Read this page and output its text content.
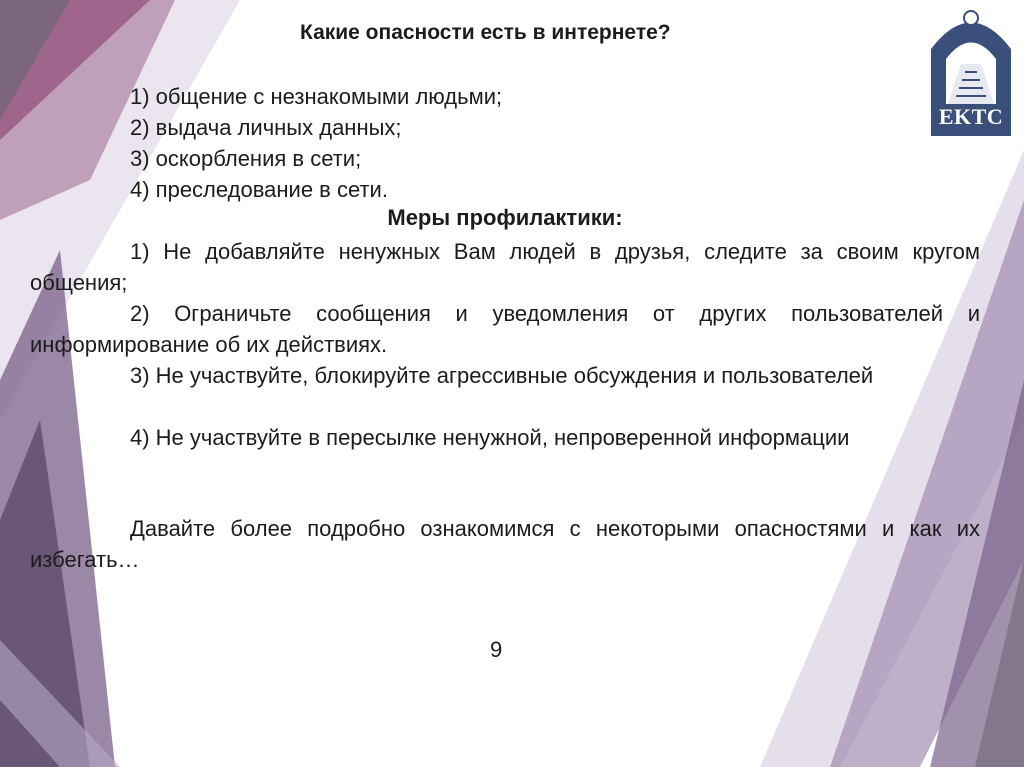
EKTC
Какие опасности есть в интернете?
1) общение с незнакомыми людьми;
2) выдача личных данных;
3) оскорбления в сети;
4) преследование в сети.
Меры профилактики:
1) Не добавляйте ненужных Вам людей в друзья, следите за своим кругом общения;
2) Ограничьте сообщения и уведомления от других пользователей и информирование об их действиях.
3) Не участвуйте, блокируйте агрессивные обсуждения и пользователей
4) Не участвуйте в пересылке ненужной, непроверенной информации
Давайте более подробно ознакомимся с некоторыми опасностями и как их избегать…
9
